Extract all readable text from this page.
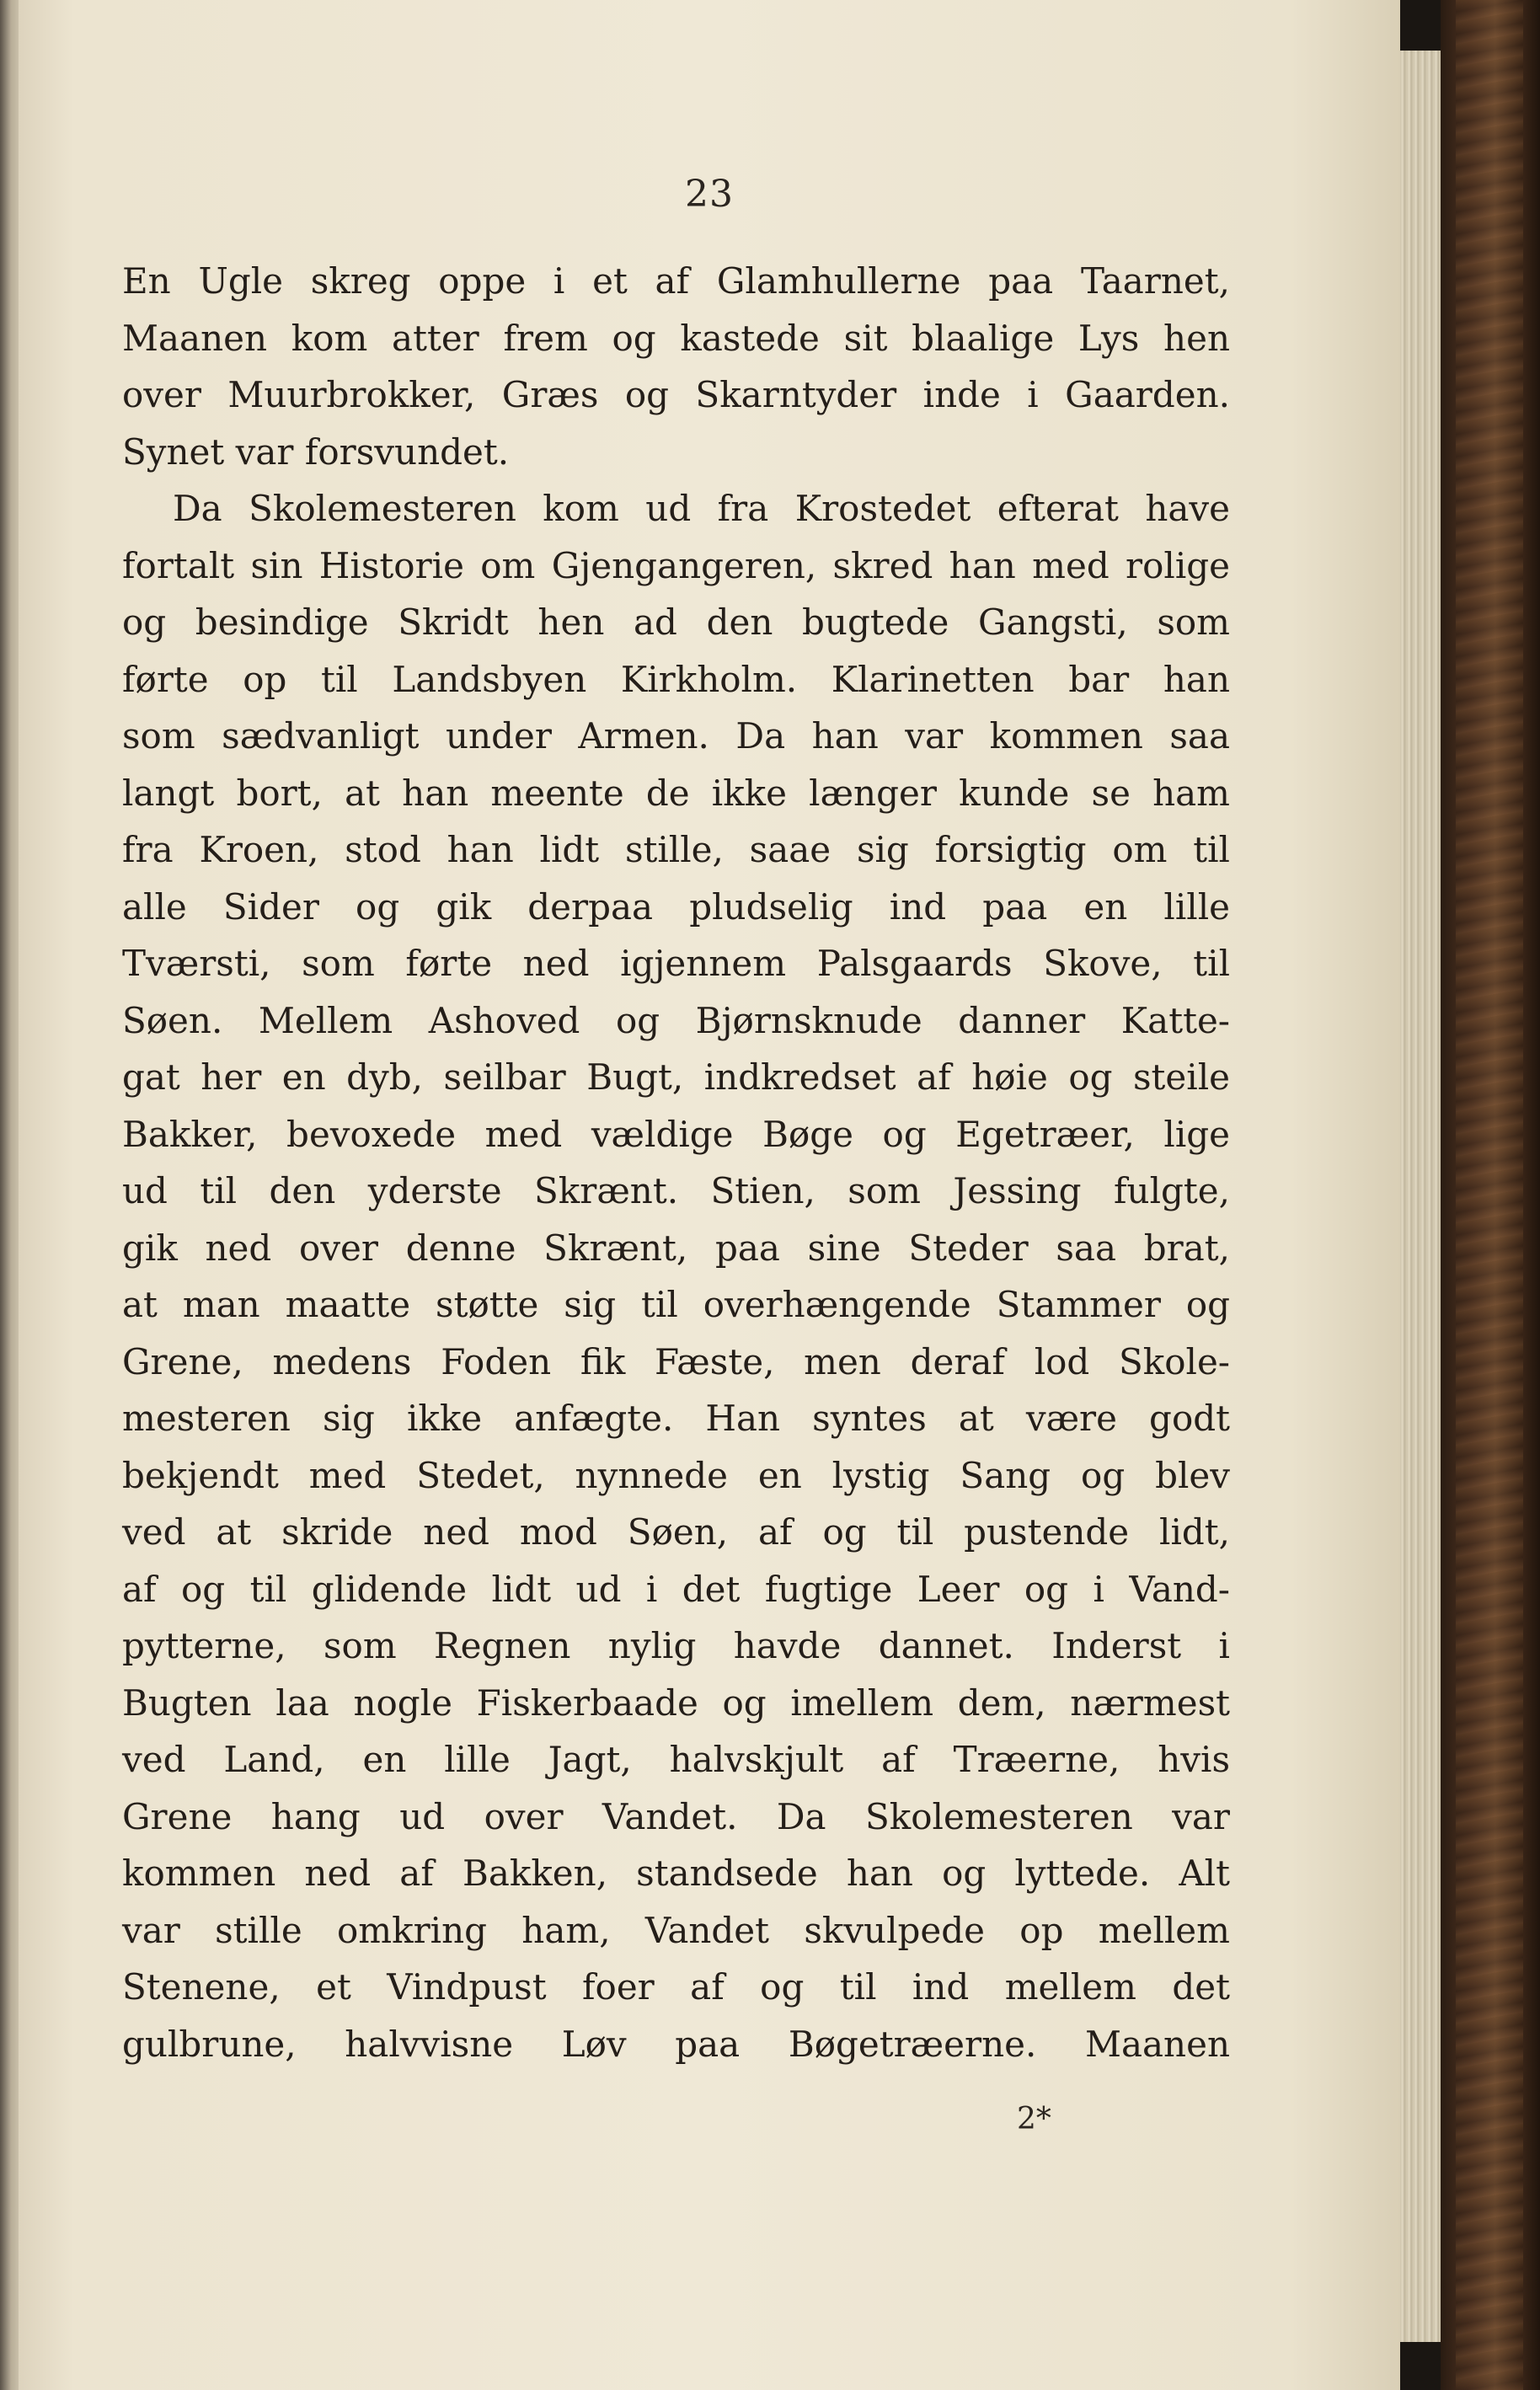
23
En Ugle skreg oppe i et af Glamhullerne paa Taarnet,
Maanen kom atter frem og kastede sit blaalige Lys hen
over Muurbrokker, Græs og Skarntyder inde i Gaarden.
Synet var forsvundet.
Da Skolemesteren kom ud fra Krostedet efterat have
fortalt sin Historie om Gjengangeren, skred han med rolige
og besindige Skridt hen ad den bugtede Gangsti, som
førte op til Landsbyen Kirkholm. Klarinetten bar han
som sædvanligt under Armen. Da han var kommen saa
langt bort, at han meente de ikke længer kunde se ham
fra Kroen, stod han lidt stille, saae sig forsigtig om til
alle Sider og gik derpaa pludselig ind paa en lille
Tværsti, som førte ned igjennem Palsgaards Skove, til
Søen. Mellem Ashoved og Bjørnsknude danner Katte-
gat her en dyb, seilbar Bugt, indkredset af høie og steile
Bakker, bevoxede med vældige Bøge og Egetræer, lige
ud til den yderste Skrænt. Stien, som Jessing fulgte,
gik ned over denne Skrænt, paa sine Steder saa brat,
at man maatte støtte sig til overhængende Stammer og
Grene, medens Foden fik Fæste, men deraf lod Skole-
mesteren sig ikke anfægte. Han syntes at være godt
bekjendt med Stedet, nynnede en lystig Sang og blev
ved at skride ned mod Søen, af og til pustende lidt,
af og til glidende lidt ud i det fugtige Leer og i Vand-
pytterne, som Regnen nylig havde dannet. Inderst i
Bugten laa nogle Fiskerbaade og imellem dem, nærmest
ved Land, en lille Jagt, halvskjult af Træerne, hvis
Grene hang ud over Vandet. Da Skolemesteren var
kommen ned af Bakken, standsede han og lyttede. Alt
var stille omkring ham, Vandet skvulpede op mellem
Stenene, et Vindpust foer af og til ind mellem det
gulbrune, halvvisne Løv paa Bøgetræerne. Maanen
2*
